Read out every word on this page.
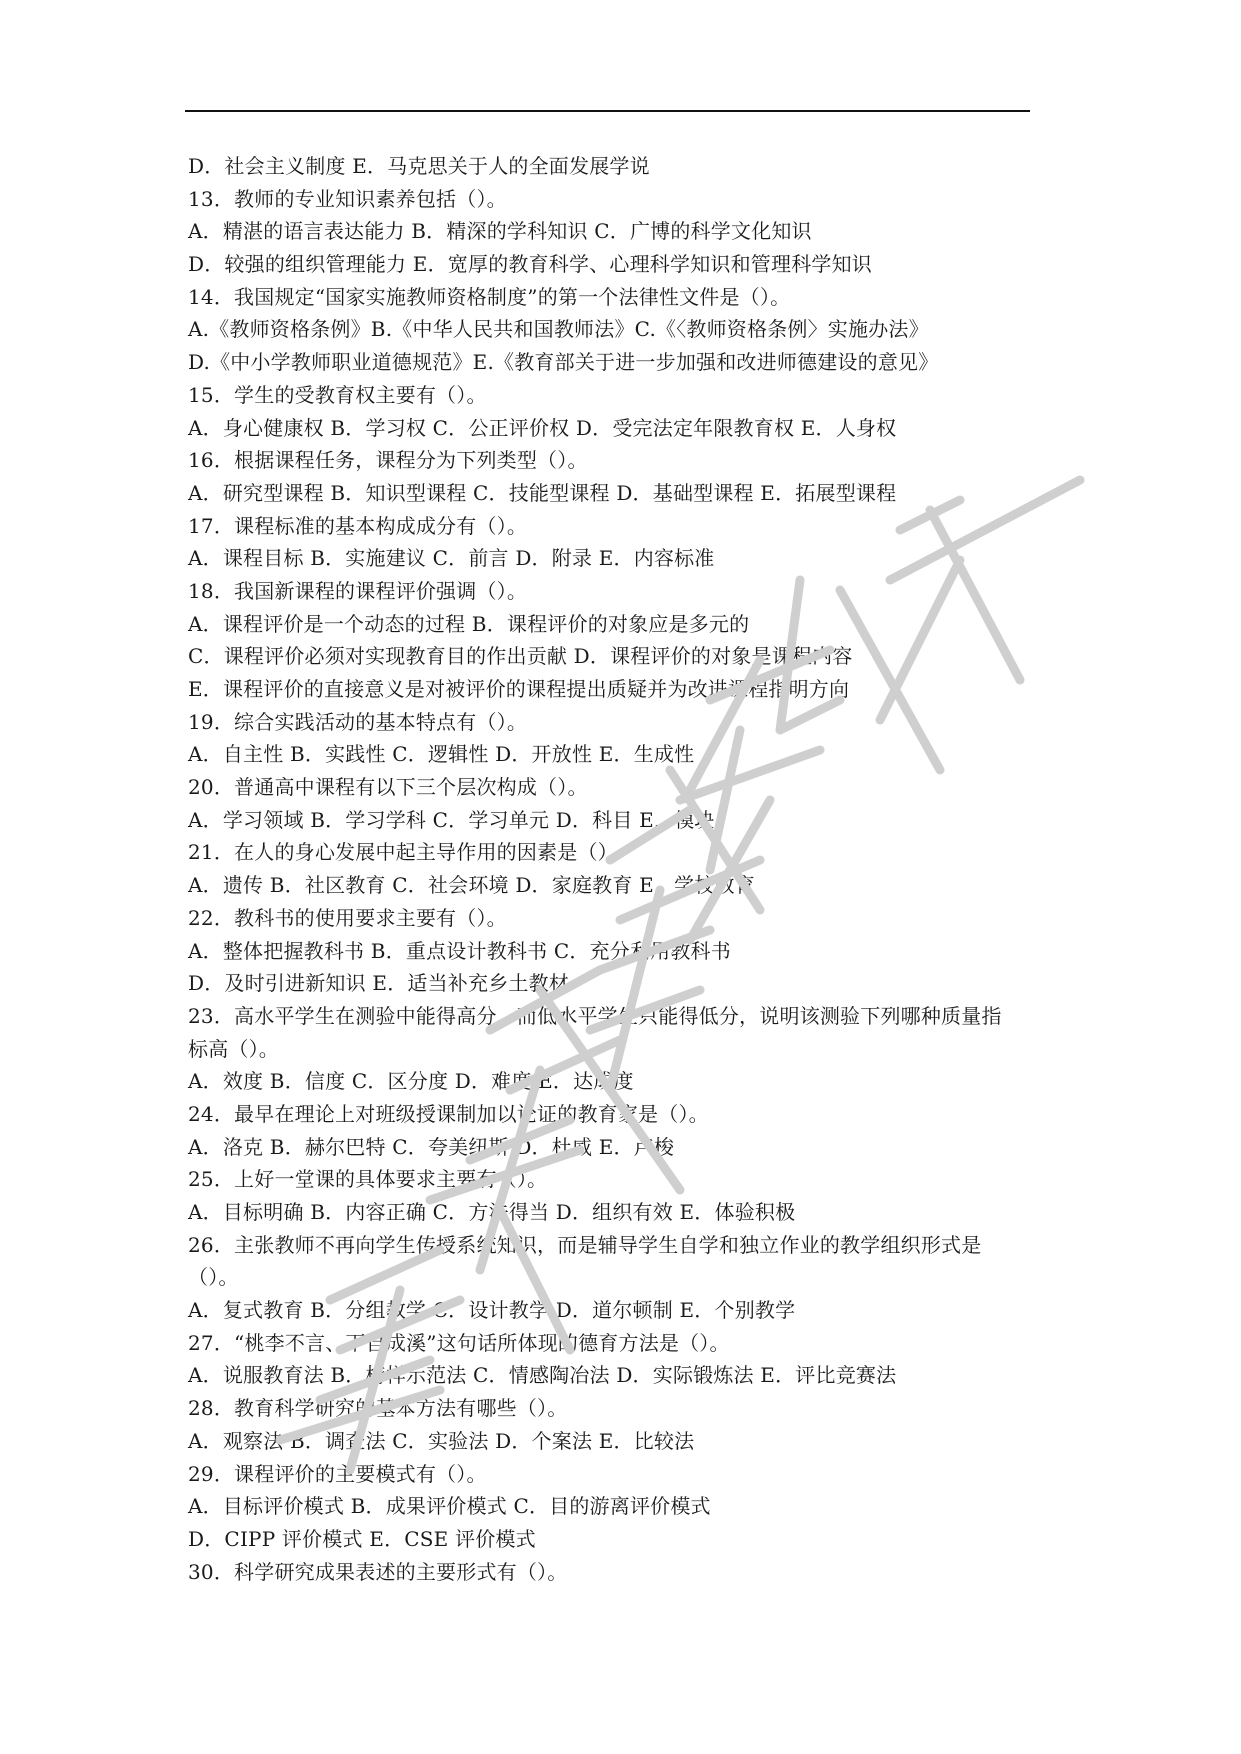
D．社会主义制度 E．马克思关于人的全面发展学说
13．教师的专业知识素养包括（）。
A．精湛的语言表达能力 B．精深的学科知识 C．广博的科学文化知识
D．较强的组织管理能力 E．宽厚的教育科学、心理科学知识和管理科学知识
14．我国规定“国家实施教师资格制度”的第一个法律性文件是（）。
A.《教师资格条例》B.《中华人民共和国教师法》C.《〈教师资格条例〉实施办法》
D.《中小学教师职业道德规范》E.《教育部关于进一步加强和改进师德建设的意见》
15．学生的受教育权主要有（）。
A．身心健康权 B．学习权 C．公正评价权 D．受完法定年限教育权 E．人身权
16．根据课程任务，课程分为下列类型（）。
A．研究型课程 B．知识型课程 C．技能型课程 D．基础型课程 E．拓展型课程
17．课程标准的基本构成成分有（）。
A．课程目标 B．实施建议 C．前言 D．附录 E．内容标准
18．我国新课程的课程评价强调（）。
A．课程评价是一个动态的过程 B．课程评价的对象应是多元的
C．课程评价必须对实现教育目的作出贡献 D．课程评价的对象是课程内容
E．课程评价的直接意义是对被评价的课程提出质疑并为改进课程指明方向
19．综合实践活动的基本特点有（）。
A．自主性 B．实践性 C．逻辑性 D．开放性 E．生成性
20．普通高中课程有以下三个层次构成（）。
A．学习领域 B．学习学科 C．学习单元 D．科目 E．模块
21．在人的身心发展中起主导作用的因素是（）。
A．遗传 B．社区教育 C．社会环境 D．家庭教育 E．学校教育
22．教科书的使用要求主要有（）。
A．整体把握教科书 B．重点设计教科书 C．充分利用教科书
D．及时引进新知识 E．适当补充乡土教材
23．高水平学生在测验中能得高分，而低水平学生只能得低分，说明该测验下列哪种质量指
标高（）。
A．效度 B．信度 C．区分度 D．难度 E．达成度
24．最早在理论上对班级授课制加以论证的教育家是（）。
A．洛克 B．赫尔巴特 C．夸美纽斯 D．杜威 E．卢梭
25．上好一堂课的具体要求主要有（）。
A．目标明确 B．内容正确 C．方法得当 D．组织有效 E．体验积极
26．主张教师不再向学生传授系统知识，而是辅导学生自学和独立作业的教学组织形式是
（）。
A．复式教育 B．分组教学 C．设计教学 D．道尔顿制 E．个别教学
27．“桃李不言、下自成溪”这句话所体现的德育方法是（）。
A．说服教育法 B．榜样示范法 C．情感陶冶法 D．实际锻炼法 E．评比竞赛法
28．教育科学研究的基本方法有哪些（）。
A．观察法 B．调查法 C．实验法 D．个案法 E．比较法
29．课程评价的主要模式有（）。
A．目标评价模式 B．成果评价模式 C．目的游离评价模式
D．CIPP 评价模式 E．CSE 评价模式
30．科学研究成果表述的主要形式有（）。
